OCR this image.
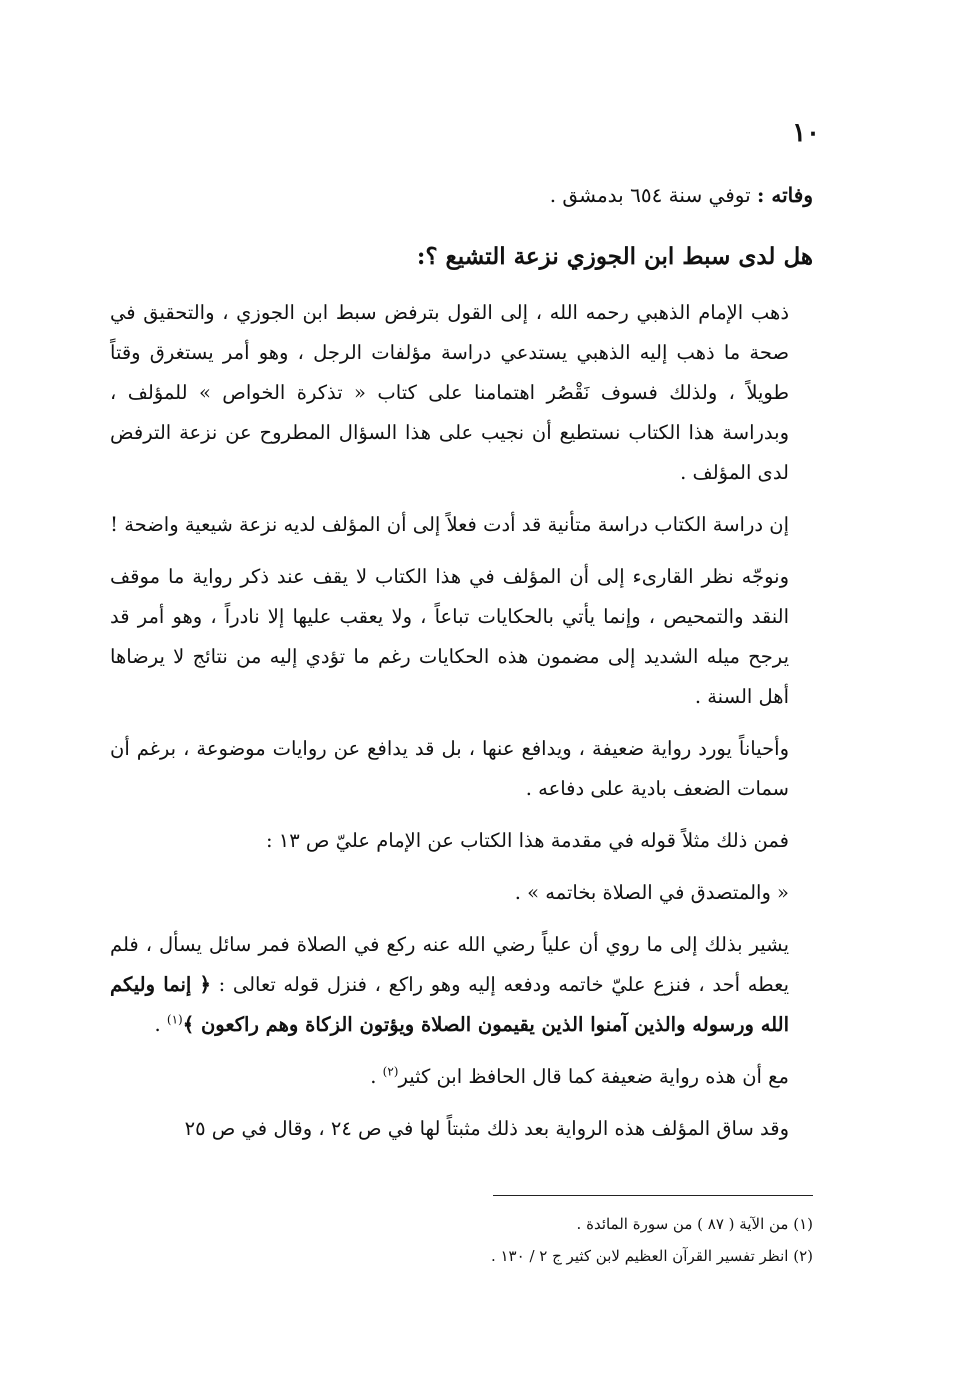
١٠

وفاته : توفي سنة ٦٥٤ بدمشق .

هل لدى سبط ابن الجوزي نزعة التشيع ؟:

ذهب الإمام الذهبي رحمه الله ، إلى القول بترفض سبط ابن الجوزي ، والتحقيق في صحة ما ذهب إليه الذهبي يستدعي دراسة مؤلفات الرجل ، وهو أمر يستغرق وقتاً طويلاً ، ولذلك فسوف نَقْصُر اهتمامنا على كتاب « تذكرة الخواص » للمؤلف ، وبدراسة هذا الكتاب نستطيع أن نجيب على هذا السؤال المطروح عن نزعة الترفض لدى المؤلف .

إن دراسة الكتاب دراسة متأنية قد أدت فعلاً إلى أن المؤلف لديه نزعة شيعية واضحة !

ونوجّه نظر القارىء إلى أن المؤلف في هذا الكتاب لا يقف عند ذكر رواية ما موقف النقد والتمحيص ، وإنما يأتي بالحكايات تباعاً ، ولا يعقب عليها إلا نادراً ، وهو أمر قد يرجح ميله الشديد إلى مضمون هذه الحكايات رغم ما تؤدي إليه من نتائج لا يرضاها أهل السنة .

وأحياناً يورد رواية ضعيفة ، ويدافع عنها ، بل قد يدافع عن روايات موضوعة ، برغم أن سمات الضعف بادية على دفاعه .

فمن ذلك مثلاً قوله في مقدمة هذا الكتاب عن الإمام عليّ ص ١٣ :

« والمتصدق في الصلاة بخاتمه » .

يشير بذلك إلى ما روي أن علياً رضي الله عنه ركع في الصلاة فمر سائل يسأل ، فلم يعطه أحد ، فنزع عليّ خاتمه ودفعه إليه وهو راكع ، فنزل قوله تعالى : ﴿ إنما وليكم الله ورسوله والذين آمنوا الذين يقيمون الصلاة ويؤتون الزكاة وهم راكعون ﴾$^{(١)}$ .

مع أن هذه رواية ضعيفة كما قال الحافظ ابن كثير$^{(٢)}$ .

وقد ساق المؤلف هذه الرواية بعد ذلك مثبتاً لها في ص ٢٤ ، وقال في ص ٢٥

(١) من الآية ( ٨٧ ) من سورة المائدة .

(٢) انظر تفسير القرآن العظيم لابن كثير ج ٢ / ١٣٠ .
